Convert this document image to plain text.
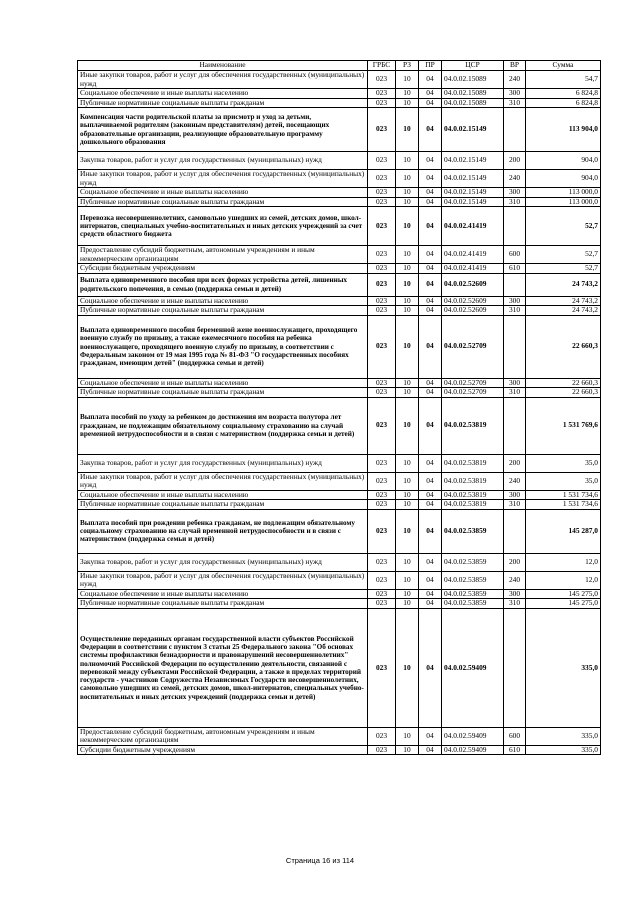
Наименование	ГРБС	РЗ	ПР	ЦСР	ВР	Сумма
Иные закупки товаров, работ и услуг для обеспечения государственных (муниципальных) нужд	023	10	04	04.0.02.15089	240	54,7
Социальное обеспечение и иные выплаты населению	023	10	04	04.0.02.15089	300	6 824,8
Публичные нормативные социальные выплаты гражданам	023	10	04	04.0.02.15089	310	6 824,8
Компенсация части родительской платы за присмотр и уход за детьми, выплачиваемой родителям (законным представителям) детей, посещающих образовательные организации, реализующие образовательную программу дошкольного образования	023	10	04	04.0.02.15149		113 904,0
Закупка товаров, работ и услуг для государственных (муниципальных) нужд	023	10	04	04.0.02.15149	200	904,0
Иные закупки товаров, работ и услуг для обеспечения государственных (муниципальных) нужд	023	10	04	04.0.02.15149	240	904,0
Социальное обеспечение и иные выплаты населению	023	10	04	04.0.02.15149	300	113 000,0
Публичные нормативные социальные выплаты гражданам	023	10	04	04.0.02.15149	310	113 000,0
Перевозка несовершеннолетних, самовольно ушедших из семей, детских домов, школ-интернатов, специальных учебно-воспитательных и иных детских учреждений за счет средств областного бюджета	023	10	04	04.0.02.41419		52,7
Предоставление субсидий бюджетным, автономным учреждениям и иным некоммерческим организациям	023	10	04	04.0.02.41419	600	52,7
Субсидии бюджетным учреждениям	023	10	04	04.0.02.41419	610	52,7
Выплата единовременного пособия при всех формах устройства детей, лишенных родительского попечения, в семью (поддержка семьи и детей)	023	10	04	04.0.02.52609		24 743,2
Социальное обеспечение и иные выплаты населению	023	10	04	04.0.02.52609	300	24 743,2
Публичные нормативные социальные выплаты гражданам	023	10	04	04.0.02.52609	310	24 743,2
Выплата единовременного пособия беременной жене военнослужащего, проходящего военную службу по призыву, а также ежемесячного пособия на ребенка военнослужащего, проходящего военную службу по призыву, в соответствии с Федеральным законом от 19 мая 1995 года № 81-ФЗ "О государственных пособиях гражданам, имеющим детей" (поддержка семьи и детей)	023	10	04	04.0.02.52709		22 660,3
Социальное обеспечение и иные выплаты населению	023	10	04	04.0.02.52709	300	22 660,3
Публичные нормативные социальные выплаты гражданам	023	10	04	04.0.02.52709	310	22 660,3
Выплата пособий по уходу за ребенком до достижения им возраста полутора лет гражданам, не подлежащим обязательному социальному страхованию на случай временной нетрудоспособности и в связи с материнством (поддержка семьи и детей)	023	10	04	04.0.02.53819		1 531 769,6
Закупка товаров, работ и услуг для государственных (муниципальных) нужд	023	10	04	04.0.02.53819	200	35,0
Иные закупки товаров, работ и услуг для обеспечения государственных (муниципальных) нужд	023	10	04	04.0.02.53819	240	35,0
Социальное обеспечение и иные выплаты населению	023	10	04	04.0.02.53819	300	1 531 734,6
Публичные нормативные социальные выплаты гражданам	023	10	04	04.0.02.53819	310	1 531 734,6
Выплата пособий при рождении ребенка гражданам, не подлежащим обязательному социальному страхованию на случай временной нетрудоспособности и в связи с материнством (поддержка семьи и детей)	023	10	04	04.0.02.53859		145 287,0
Закупка товаров, работ и услуг для государственных (муниципальных) нужд	023	10	04	04.0.02.53859	200	12,0
Иные закупки товаров, работ и услуг для обеспечения государственных (муниципальных) нужд	023	10	04	04.0.02.53859	240	12,0
Социальное обеспечение и иные выплаты населению	023	10	04	04.0.02.53859	300	145 275,0
Публичные нормативные социальные выплаты гражданам	023	10	04	04.0.02.53859	310	145 275,0
Осуществление переданных органам государственной власти субъектов Российской Федерации в соответствии с пунктом 3 статьи 25 Федерального закона "Об основах системы профилактики безнадзорности и правонарушений несовершеннолетних" полномочий Российской Федерации по осуществлению деятельности, связанной с перевозкой между субъектами Российской Федерации, а также в пределах территорий государств - участников Содружества Независимых Государств несовершеннолетних, самовольно ушедших из семей, детских домов, школ-интернатов, специальных учебно-воспитательных и иных детских учреждений (поддержка семьи и детей)	023	10	04	04.0.02.59409		335,0
Предоставление субсидий бюджетным, автономным учреждениям и иным некоммерческим организациям	023	10	04	04.0.02.59409	600	335,0
Субсидии бюджетным учреждениям	023	10	04	04.0.02.59409	610	335,0
Страница 16 из 114
